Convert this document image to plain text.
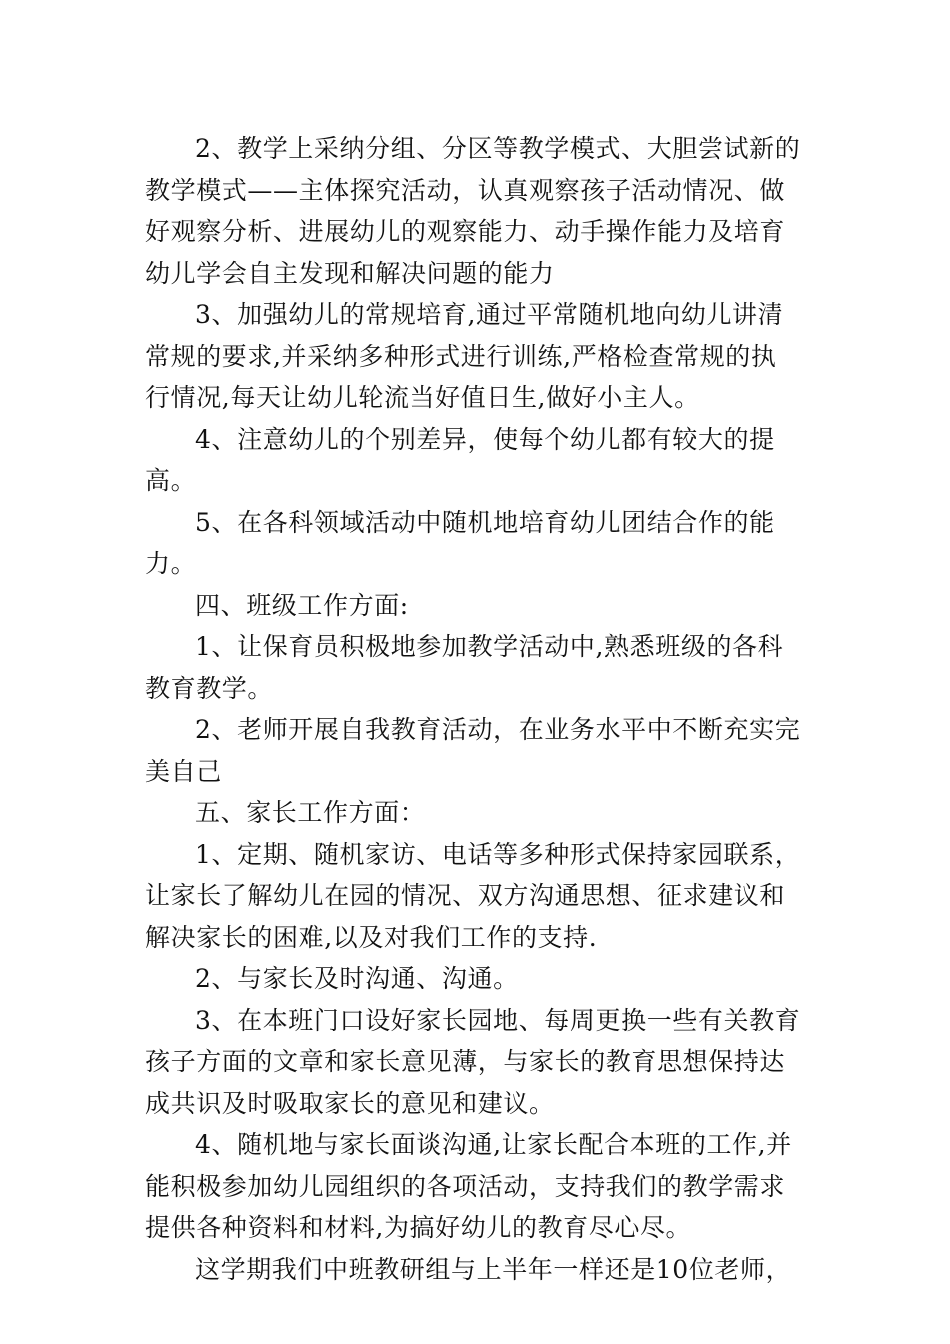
2、教学上采纳分组、分区等教学模式、大胆尝试新的
教学模式——主体探究活动，认真观察孩子活动情况、做
好观察分析、进展幼儿的观察能力、动手操作能力及培育
幼儿学会自主发现和解决问题的能力

3、加强幼儿的常规培育,通过平常随机地向幼儿讲清
常规的要求,并采纳多种形式进行训练,严格检查常规的执
行情况,每天让幼儿轮流当好值日生,做好小主人。

4、注意幼儿的个别差异，使每个幼儿都有较大的提高。

5、在各科领域活动中随机地培育幼儿团结合作的能力。

四、班级工作方面:

1、让保育员积极地参加教学活动中,熟悉班级的各科
教育教学。

2、老师开展自我教育活动，在业务水平中不断充实完
美自己

五、家长工作方面：

1、定期、随机家访、电话等多种形式保持家园联系，
让家长了解幼儿在园的情况、双方沟通思想、征求建议和
解决家长的困难,以及对我们工作的支持.

2、与家长及时沟通、沟通。

3、在本班门口设好家长园地、每周更换一些有关教育
孩子方面的文章和家长意见薄，与家长的教育思想保持达
成共识及时吸取家长的意见和建议。

4、随机地与家长面谈沟通,让家长配合本班的工作,并
能积极参加幼儿园组织的各项活动，支持我们的教学需求
提供各种资料和材料,为搞好幼儿的教育尽心尽。

这学期我们中班教研组与上半年一样还是10位老师，
